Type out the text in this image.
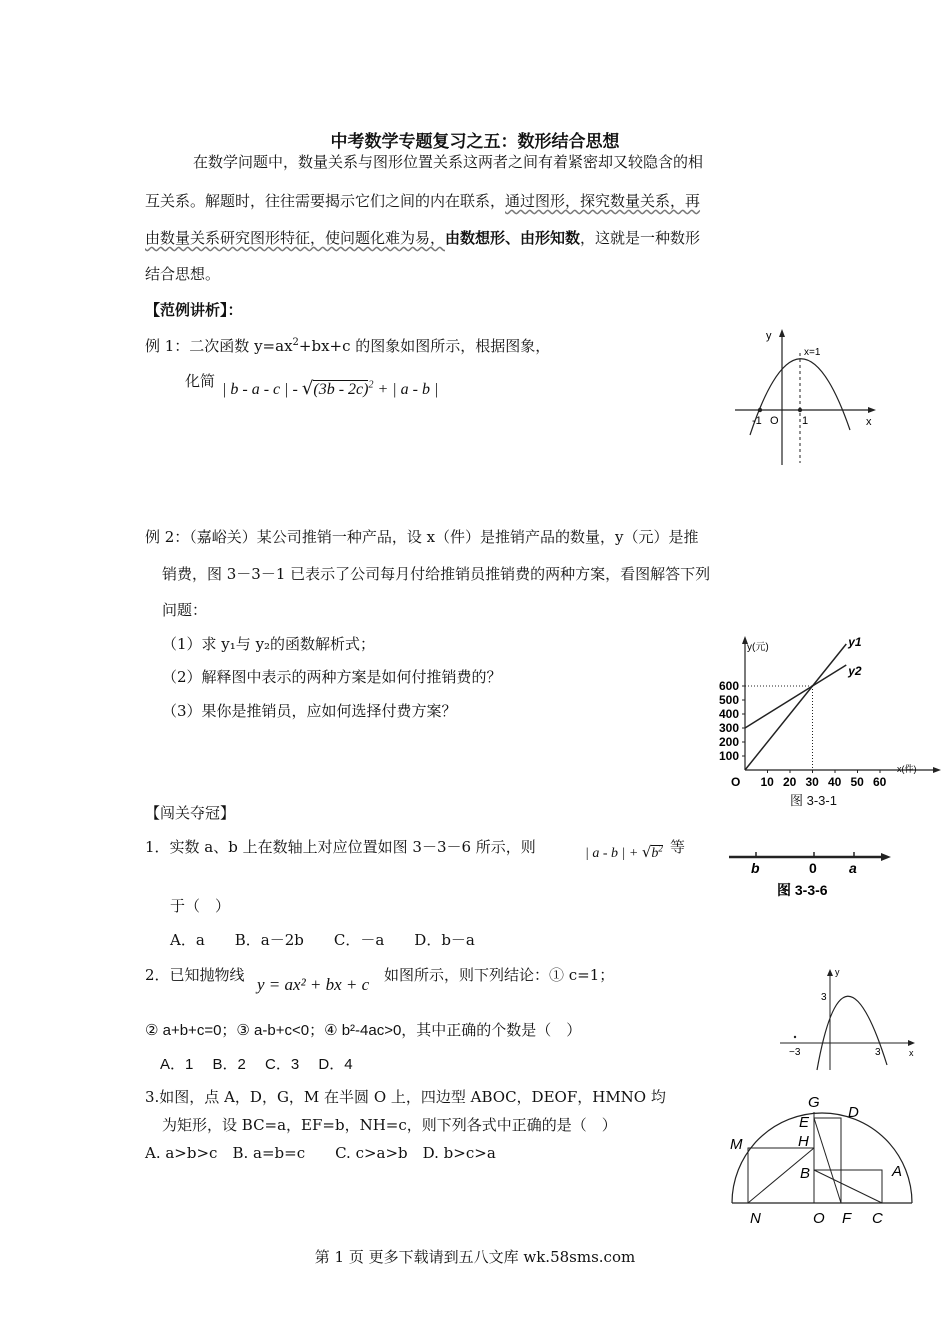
中考数学专题复习之五：数形结合思想
在数学问题中，数量关系与图形位置关系这两者之间有着紧密却又较隐含的相
互关系。解题时，往往需要揭示它们之间的内在联系，通过图形，探究数量关系，再
由数量关系研究图形特征，使问题化难为易，由数想形、由形知数，这就是一种数形
结合思想。
【范例讲析】：
例 1：二次函数 $y=ax^2+bx+c$ 的图象如图所示，根据图象，
化简 | b - a - c | - √(3b - 2c)$^2$ + | a - b |
y
x
x=1
-1 O 1
例 2：（嘉峪关）某公司推销一种产品，设 x（件）是推销产品的数量，y（元）是推
销费，图 3－3－1 已表示了公司每月付给推销员推销费的两种方案，看图解答下列
问题：
（1）求 y₁与 y₂的函数解析式；
（2）解释图中表示的两种方案是如何付推销费的？
（3）果你是推销员，应如何选择付费方案？
y(元)
x(件)
100
200
300
400
500
600
O 10 20 30 40 50 60
y1
y2
图 3-3-1
【闯关夺冠】
1．实数 a、b 上在数轴上对应位置如图 3－3－6 所示，则	| a - b | + $√b^2$ 等
于（　）
A．a　　B．a－2b　　C．－a　　D．b－a
b	0 a
图 3-3-6
2．已知抛物线 y = ax² + bx + c 如图所示，则下列结论：① c=1；
② a+b+c=0；③ a-b+c<0；④ b²-4ac>0，其中正确的个数是（　）
A．1　 B．2　 C．3　 D．4
y
3
−3	3	x
3.如图，点 A，D，G，M 在半圆 O 上，四边型 ABOC，DEOF，HMNO 均
为矩形，设 BC=a，EF=b，NH=c，则下列各式中正确的是（　）
A. a>b>c　B. a=b=c　　C. c>a>b　D. b>c>a
G
D
E
H
M
B	A
N	O F C
第 1 页 更多下载请到五八文库 wk.58sms.com
